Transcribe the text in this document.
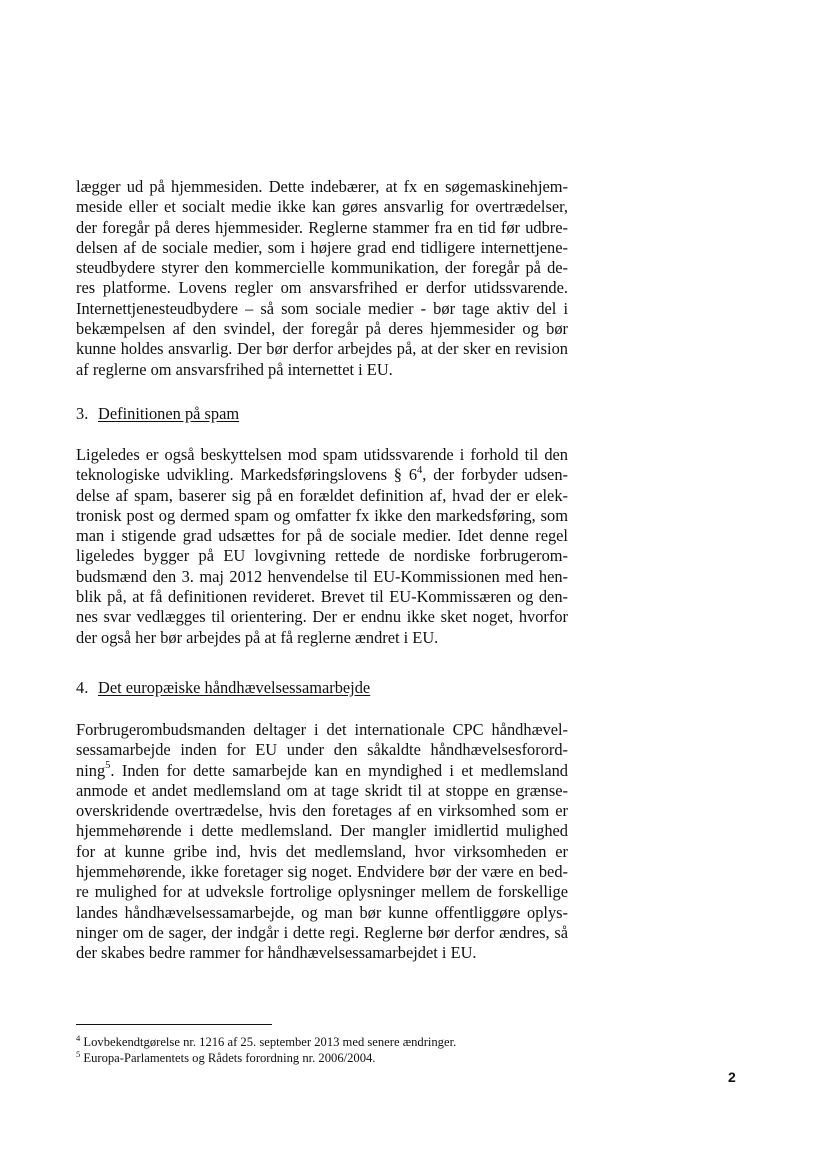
lægger ud på hjemmesiden. Dette indebærer, at fx en søgemaskinehjem-
meside eller et socialt medie ikke kan gøres ansvarlig for overtrædelser,
der foregår på deres hjemmesider. Reglerne stammer fra en tid før udbre-
delsen af de sociale medier, som i højere grad end tidligere internettjene-
steudbydere styrer den kommercielle kommunikation, der foregår på de-
res platforme. Lovens regler om ansvarsfrihed er derfor utidssvarende.
Internettjenesteudbydere – så som sociale medier - bør tage aktiv del i
bekæmpelsen af den svindel, der foregår på deres hjemmesider og bør
kunne holdes ansvarlig. Der bør derfor arbejdes på, at der sker en revision
af reglerne om ansvarsfrihed på internettet i EU.
3. Definitionen på spam
Ligeledes er også beskyttelsen mod spam utidssvarende i forhold til den
teknologiske udvikling. Markedsføringslovens § 6$^4$, der forbyder udsen-
delse af spam, baserer sig på en forældet definition af, hvad der er elek-
tronisk post og dermed spam og omfatter fx ikke den markedsføring, som
man i stigende grad udsættes for på de sociale medier. Idet denne regel
ligeledes bygger på EU lovgivning rettede de nordiske forbrugerom-
budsmænd den 3. maj 2012 henvendelse til EU-Kommissionen med hen-
blik på, at få definitionen revideret. Brevet til EU-Kommissæren og den-
nes svar vedlægges til orientering. Der er endnu ikke sket noget, hvorfor
der også her bør arbejdes på at få reglerne ændret i EU.
4. Det europæiske håndhævelsessamarbejde
Forbrugerombudsmanden deltager i det internationale CPC håndhævel-
sessamarbejde inden for EU under den såkaldte håndhævelsesforord-
ning$^5$. Inden for dette samarbejde kan en myndighed i et medlemsland
anmode et andet medlemsland om at tage skridt til at stoppe en grænse-
overskridende overtrædelse, hvis den foretages af en virksomhed som er
hjemmehørende i dette medlemsland. Der mangler imidlertid mulighed
for at kunne gribe ind, hvis det medlemsland, hvor virksomheden er
hjemmehørende, ikke foretager sig noget. Endvidere bør der være en bed-
re mulighed for at udveksle fortrolige oplysninger mellem de forskellige
landes håndhævelsessamarbejde, og man bør kunne offentliggøre oplys-
ninger om de sager, der indgår i dette regi. Reglerne bør derfor ændres, så
der skabes bedre rammer for håndhævelsessamarbejdet i EU.
$^4$ Lovbekendtgørelse nr. 1216 af 25. september 2013 med senere ændringer.
$^5$ Europa-Parlamentets og Rådets forordning nr. 2006/2004.
2
